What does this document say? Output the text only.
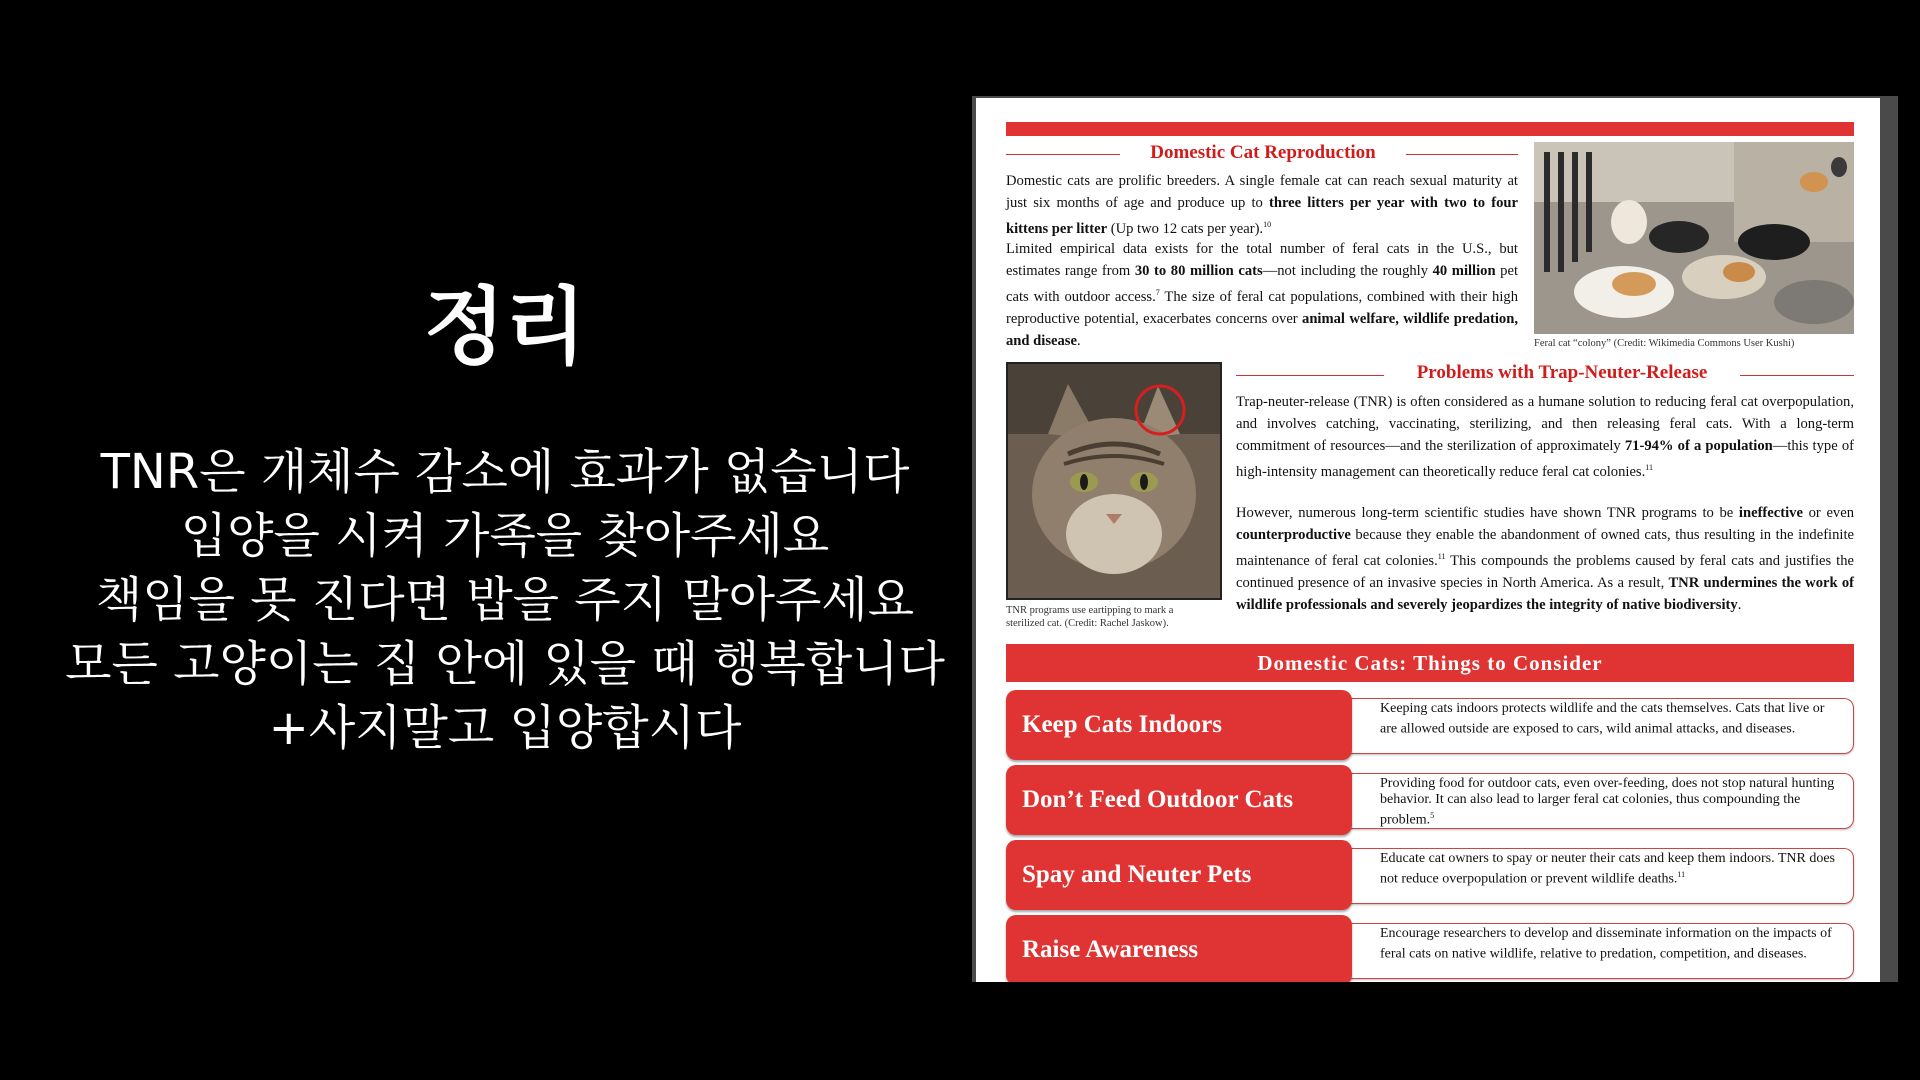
정리
TNR은 개체수 감소에 효과가 없습니다
입양을 시켜 가족을 찾아주세요
책임을 못 진다면 밥을 주지 말아주세요
모든 고양이는 집 안에 있을 때 행복합니다
+사지말고 입양합시다
Domestic Cat Reproduction
Domestic cats are prolific breeders. A single female cat can reach sexual maturity at just six months of age and produce up to three litters per year with two to four kittens per litter (Up two 12 cats per year).$^{10}$
Limited empirical data exists for the total number of feral cats in the U.S., but estimates range from 30 to 80 million cats—not including the roughly 40 million pet cats with outdoor access.$^7$ The size of feral cat populations, combined with their high reproductive potential, exacerbates concerns over animal welfare, wildlife predation, and disease.	Feral cat “colony” (Credit: Wikimedia Commons User Kushi)
TNR programs use eartipping to mark a sterilized cat. (Credit: Rachel Jaskow).
Problems with Trap-Neuter-Release
Trap-neuter-release (TNR) is often considered as a humane solution to reducing feral cat overpopulation, and involves catching, vaccinating, sterilizing, and then releasing feral cats. With a long-term commitment of resources—and the sterilization of approximately 71-94% of a population—this type of high-intensity management can theoretically reduce feral cat colonies.$^{11}$
However, numerous long-term scientific studies have shown TNR programs to be ineffective or even counterproductive because they enable the abandonment of owned cats, thus resulting in the indefinite maintenance of feral cat colonies.$^{11}$ This compounds the problems caused by feral cats and justifies the continued presence of an invasive species in North America. As a result, TNR undermines the work of wildlife professionals and severely jeopardizes the integrity of native biodiversity.
Domestic Cats: Things to Consider
Keeping cats indoors protects wildlife and the cats themselves. Cats that live or are allowed outside are exposed to cars, wild animal attacks, and diseases.
Keep Cats Indoors
Providing food for outdoor cats, even over-feeding, does not stop natural hunting behavior. It can also lead to larger feral cat colonies, thus compounding the problem.$^5$
Don’t Feed Outdoor Cats
Educate cat owners to spay or neuter their cats and keep them indoors. TNR does not reduce overpopulation or prevent wildlife deaths.$^{11}$
Spay and Neuter Pets
Encourage researchers to develop and disseminate information on the impacts of feral cats on native wildlife, relative to predation, competition, and diseases.
Raise Awareness
